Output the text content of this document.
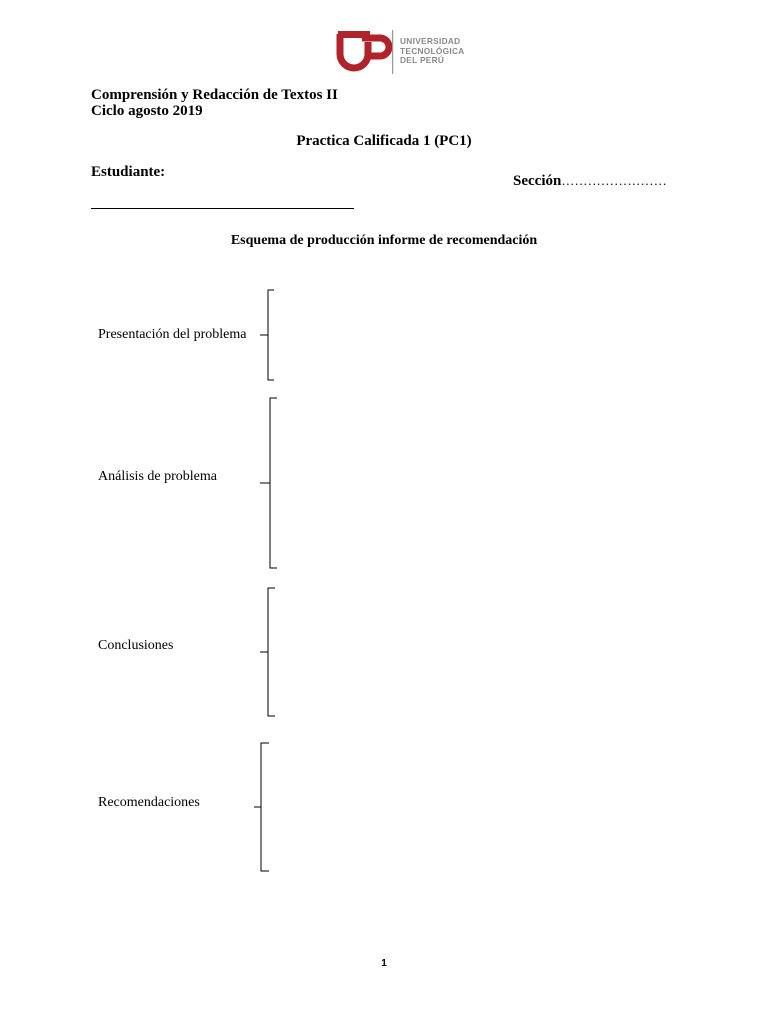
UNIVERSIDAD
TECNOLÓGICA
DEL PERÚ
Comprensión y Redacción de Textos II
Ciclo agosto 2019
Practica Calificada 1 (PC1)
Estudiante:
Sección……………………
Esquema de producción informe de recomendación
Presentación del problema
Análisis de problema
Conclusiones
Recomendaciones
1
